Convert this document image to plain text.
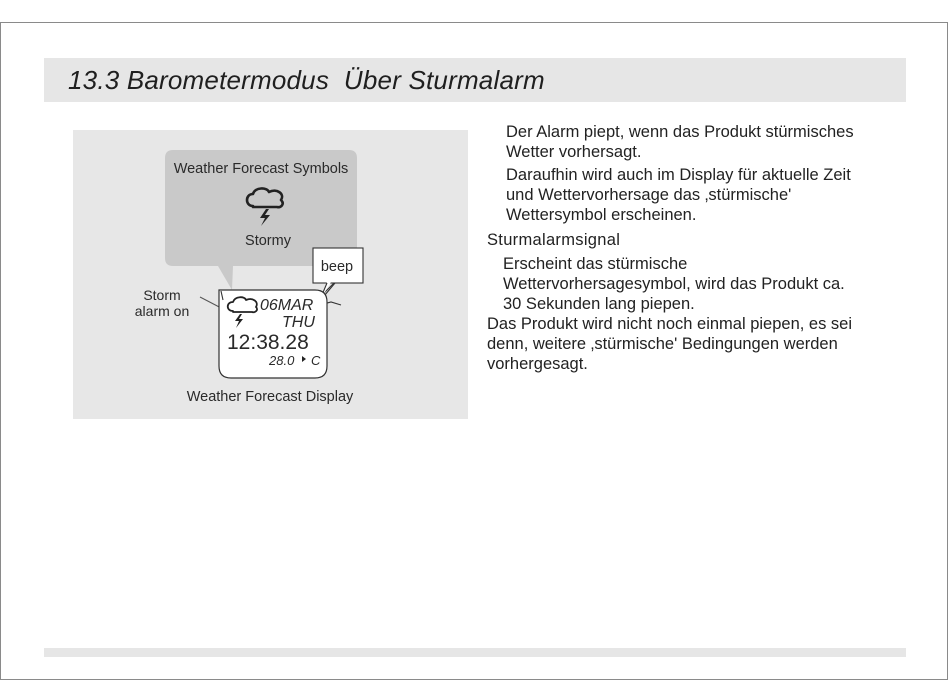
13.3 Barometermodus  Über Sturmalarm
Weather Forecast Symbols
Stormy
beep
Storm
alarm on	06MAR
THU
12:38.28
28.0 C
Weather Forecast Display

Der Alarm piept, wenn das Produkt stürmisches
Wetter vorhersagt.

Daraufhin wird auch im Display für aktuelle Zeit
und Wettervorhersage das ‚stürmische'
Wettersymbol erscheinen.

Sturmalarmsignal

Erscheint das stürmische
Wettervorhersagesymbol, wird das Produkt ca.
30 Sekunden lang piepen.

Das Produkt wird nicht noch einmal piepen, es sei
denn, weitere ‚stürmische' Bedingungen werden
vorhergesagt.
